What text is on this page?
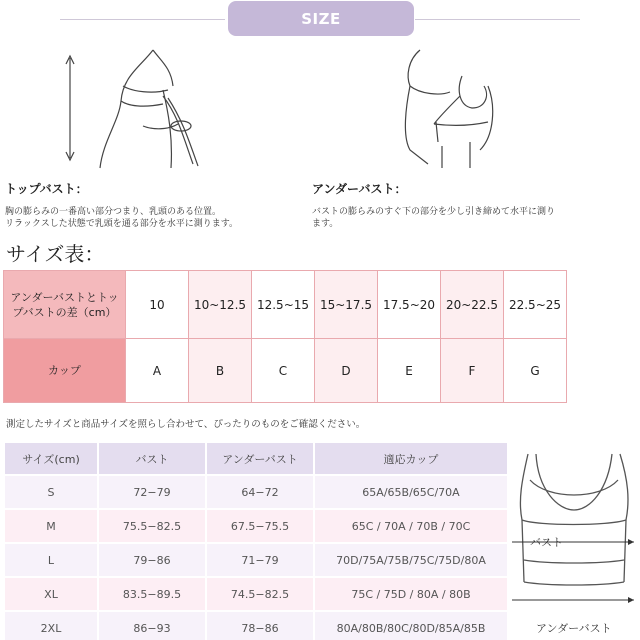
SIZE
トップバスト：
胸の膨らみの一番高い部分つまり、乳頭のある位置。
リラックスした状態で乳頭を通る部分を水平に測ります。
アンダーバスト：
バストの膨らみのすぐ下の部分を少し引き締めて水平に測り
ます。
サイズ表：
アンダーバストとトップバストの差（cm）	10	10~12.5	12.5~15	15~17.5	17.5~20	20~22.5	22.5~25
カップ	A	B	C	D	E	F	G
測定したサイズと商品サイズを照らし合わせて、ぴったりのものをご確認ください。
サイズ(cm)	バスト	アンダーバスト	適応カップ
S	72−79	64−72	65A/65B/65C/70A
M	75.5−82.5	67.5−75.5	65C / 70A / 70B / 70C
L	79−86	71−79	70D/75A/75B/75C/75D/80A
XL	83.5−89.5	74.5−82.5	75C / 75D / 80A / 80B
2XL	86−93	78−86	80A/80B/80C/80D/85A/85B
バスト
アンダーバスト
